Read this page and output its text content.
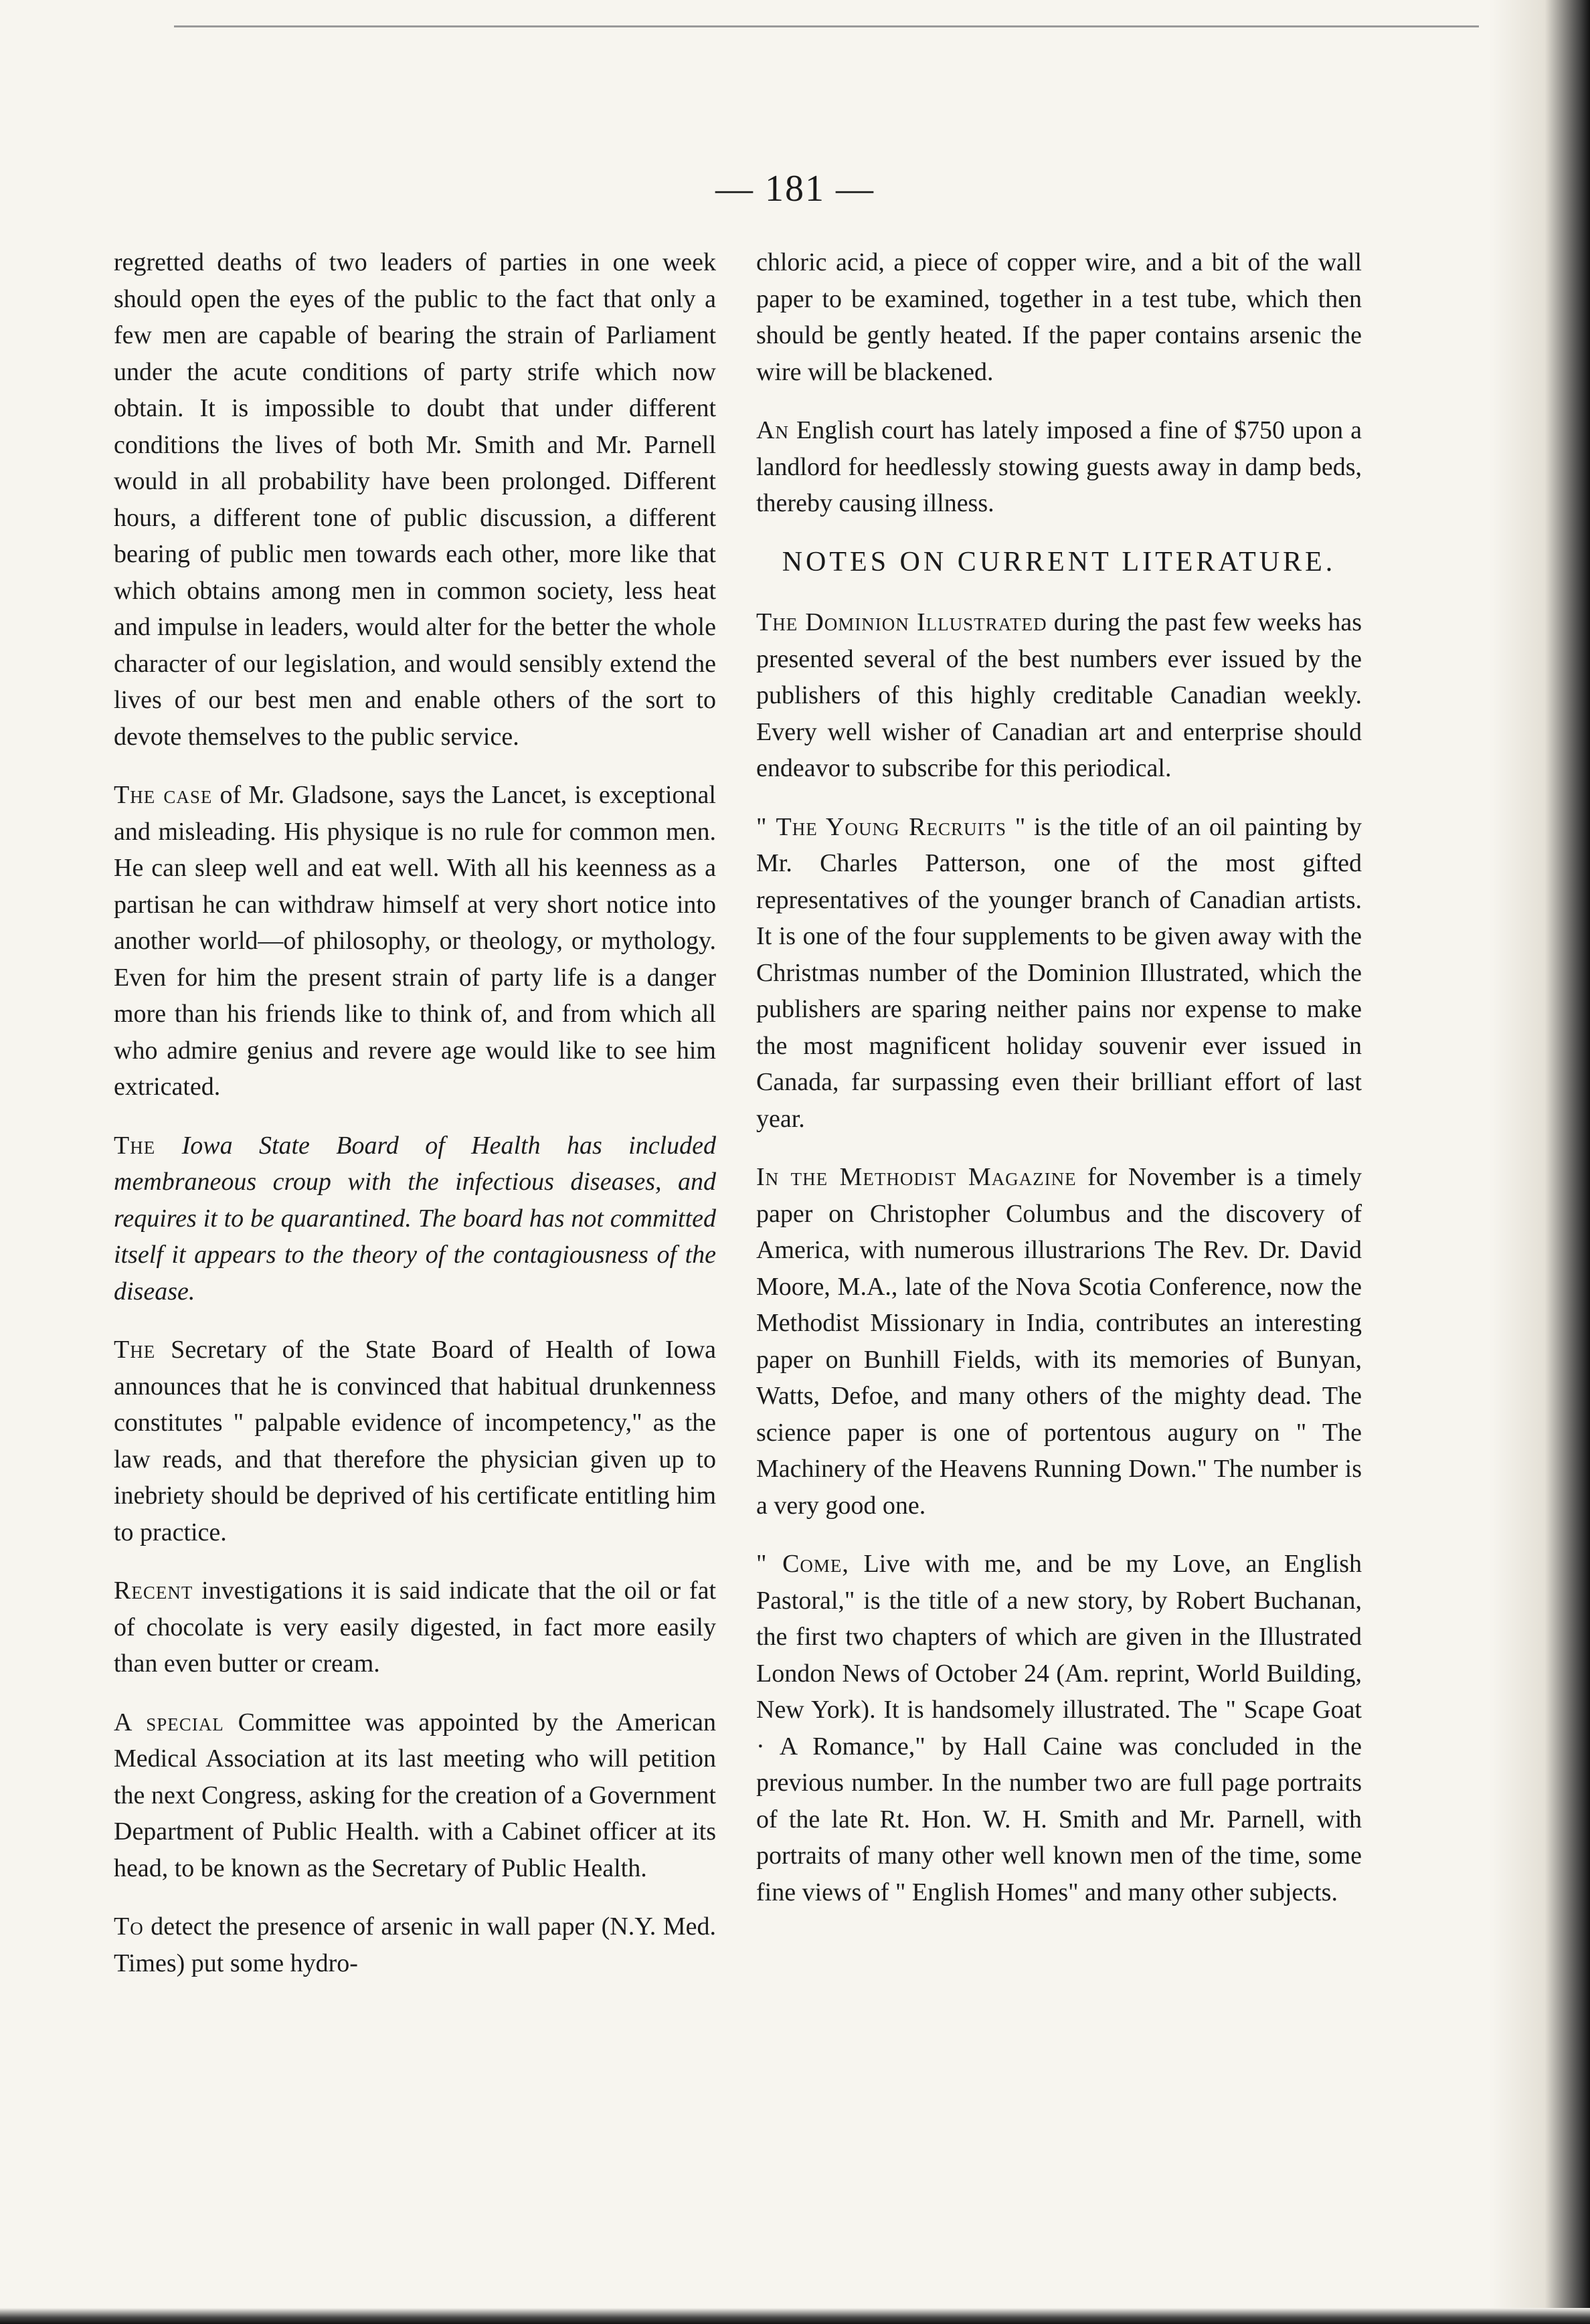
— 181 —

regretted deaths of two leaders of parties in one week should open the eyes of the public to the fact that only a few men are capable of bearing the strain of Parliament under the acute conditions of party strife which now obtain. It is impossible to doubt that under different conditions the lives of both Mr. Smith and Mr. Parnell would in all probability have been prolonged. Different hours, a different tone of public discussion, a different bearing of public men towards each other, more like that which obtains among men in common society, less heat and impulse in leaders, would alter for the better the whole character of our legislation, and would sensibly extend the lives of our best men and enable others of the sort to devote themselves to the public service.

The case of Mr. Gladsone, says the Lancet, is exceptional and misleading. His physique is no rule for common men. He can sleep well and eat well. With all his keenness as a partisan he can withdraw himself at very short notice into another world—of philosophy, or theology, or mythology. Even for him the present strain of party life is a danger more than his friends like to think of, and from which all who admire genius and revere age would like to see him extricated.

The Iowa State Board of Health has included membraneous croup with the infectious diseases, and requires it to be quarantined. The board has not committed itself it appears to the theory of the contagiousness of the disease.

The Secretary of the State Board of Health of Iowa announces that he is convinced that habitual drunkenness constitutes " palpable evidence of incompetency," as the law reads, and that therefore the physician given up to inebriety should be deprived of his certificate entitling him to practice.

Recent investigations it is said indicate that the oil or fat of chocolate is very easily digested, in fact more easily than even butter or cream.

A special Committee was appointed by the American Medical Association at its last meeting who will petition the next Congress, asking for the creation of a Government Department of Public Health. with a Cabinet officer at its head, to be known as the Secretary of Public Health.

To detect the presence of arsenic in wall paper (N.Y. Med. Times) put some hydro-

chloric acid, a piece of copper wire, and a bit of the wall paper to be examined, together in a test tube, which then should be gently heated. If the paper contains arsenic the wire will be blackened.

An English court has lately imposed a fine of $750 upon a landlord for heedlessly stowing guests away in damp beds, thereby causing illness.

NOTES ON CURRENT LITERATURE.

The Dominion Illustrated during the past few weeks has presented several of the best numbers ever issued by the publishers of this highly creditable Canadian weekly. Every well wisher of Canadian art and enterprise should endeavor to subscribe for this periodical.

" The Young Recruits " is the title of an oil painting by Mr. Charles Patterson, one of the most gifted representatives of the younger branch of Canadian artists. It is one of the four supplements to be given away with the Christmas number of the Dominion Illustrated, which the publishers are sparing neither pains nor expense to make the most magnificent holiday souvenir ever issued in Canada, far surpassing even their brilliant effort of last year.

In the Methodist Magazine for November is a timely paper on Christopher Columbus and the discovery of America, with numerous illustrarions The Rev. Dr. David Moore, M.A., late of the Nova Scotia Conference, now the Methodist Missionary in India, contributes an interesting paper on Bunhill Fields, with its memories of Bunyan, Watts, Defoe, and many others of the mighty dead. The science paper is one of portentous augury on " The Machinery of the Heavens Running Down." The number is a very good one.

" Come, Live with me, and be my Love, an English Pastoral," is the title of a new story, by Robert Buchanan, the first two chapters of which are given in the Illustrated London News of October 24 (Am. reprint, World Building, New York). It is handsomely illustrated. The " Scape Goat · A Romance," by Hall Caine was concluded in the previous number. In the number two are full page portraits of the late Rt. Hon. W. H. Smith and Mr. Parnell, with portraits of many other well known men of the time, some fine views of " English Homes" and many other subjects.
